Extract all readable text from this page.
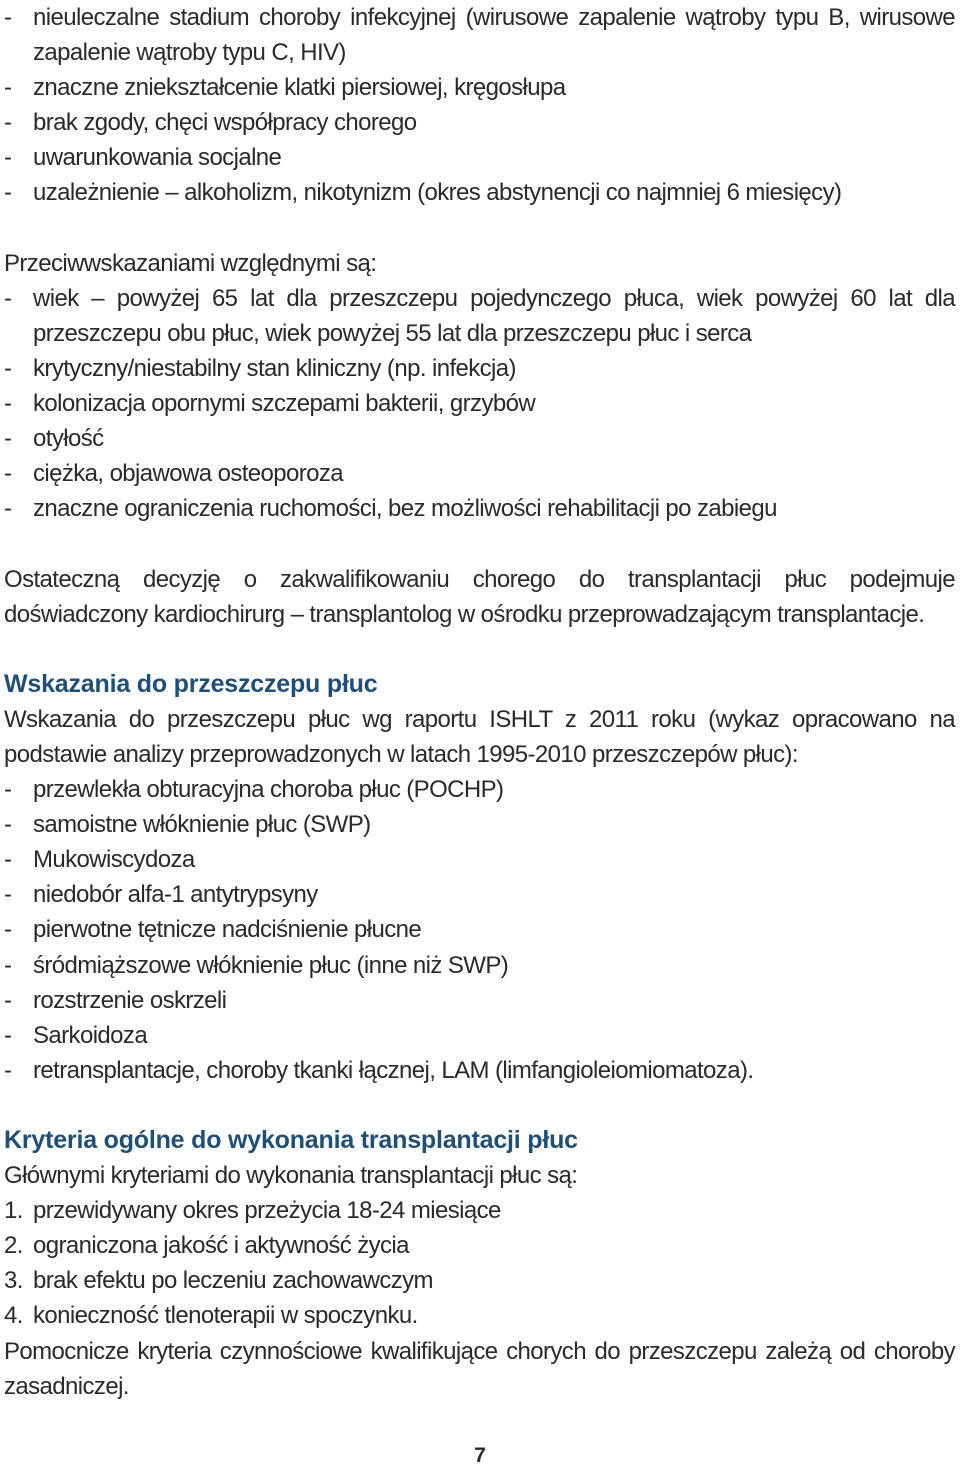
- nieuleczalne stadium choroby infekcyjnej (wirusowe zapalenie wątroby typu B, wirusowe zapalenie wątroby typu C, HIV)
- znaczne zniekształcenie klatki piersiowej, kręgosłupa
- brak zgody, chęci współpracy chorego
- uwarunkowania socjalne
- uzależnienie – alkoholizm, nikotynizm (okres abstynencji co najmniej 6 miesięcy)
Przeciwwskazaniami względnymi są:
- wiek – powyżej 65 lat dla przeszczepu pojedynczego płuca, wiek powyżej 60 lat dla przeszczepu obu płuc, wiek powyżej 55 lat dla przeszczepu płuc i serca
- krytyczny/niestabilny stan kliniczny (np. infekcja)
- kolonizacja opornymi szczepami bakterii, grzybów
- otyłość
- ciężka, objawowa osteoporoza
- znaczne ograniczenia ruchomości, bez możliwości rehabilitacji po zabiegu

Ostateczną decyzję o zakwalifikowaniu chorego do transplantacji płuc podejmuje doświadczony kardiochirurg – transplantolog w ośrodku przeprowadzającym transplantacje.

Wskazania do przeszczepu płuc
Wskazania do przeszczepu płuc wg raportu ISHLT z 2011 roku (wykaz opracowano na podstawie analizy przeprowadzonych w latach 1995-2010 przeszczepów płuc):
- przewlekła obturacyjna choroba płuc (POCHP)
- samoistne włóknienie płuc (SWP)
- Mukowiscydoza
- niedobór alfa-1 antytrypsyny
- pierwotne tętnicze nadciśnienie płucne
- śródmiąższowe włóknienie płuc (inne niż SWP)
- rozstrzenie oskrzeli
- Sarkoidoza
- retransplantacje, choroby tkanki łącznej, LAM (limfangioleiomiomatoza).
Kryteria ogólne do wykonania transplantacji płuc
Głównymi kryteriami do wykonania transplantacji płuc są:
1. przewidywany okres przeżycia 18-24 miesiące
2. ograniczona jakość i aktywność życia
3. brak efektu po leczeniu zachowawczym
4. konieczność tlenoterapii w spoczynku.
Pomocnicze kryteria czynnościowe kwalifikujące chorych do przeszczepu zależą od choroby zasadniczej.
7
